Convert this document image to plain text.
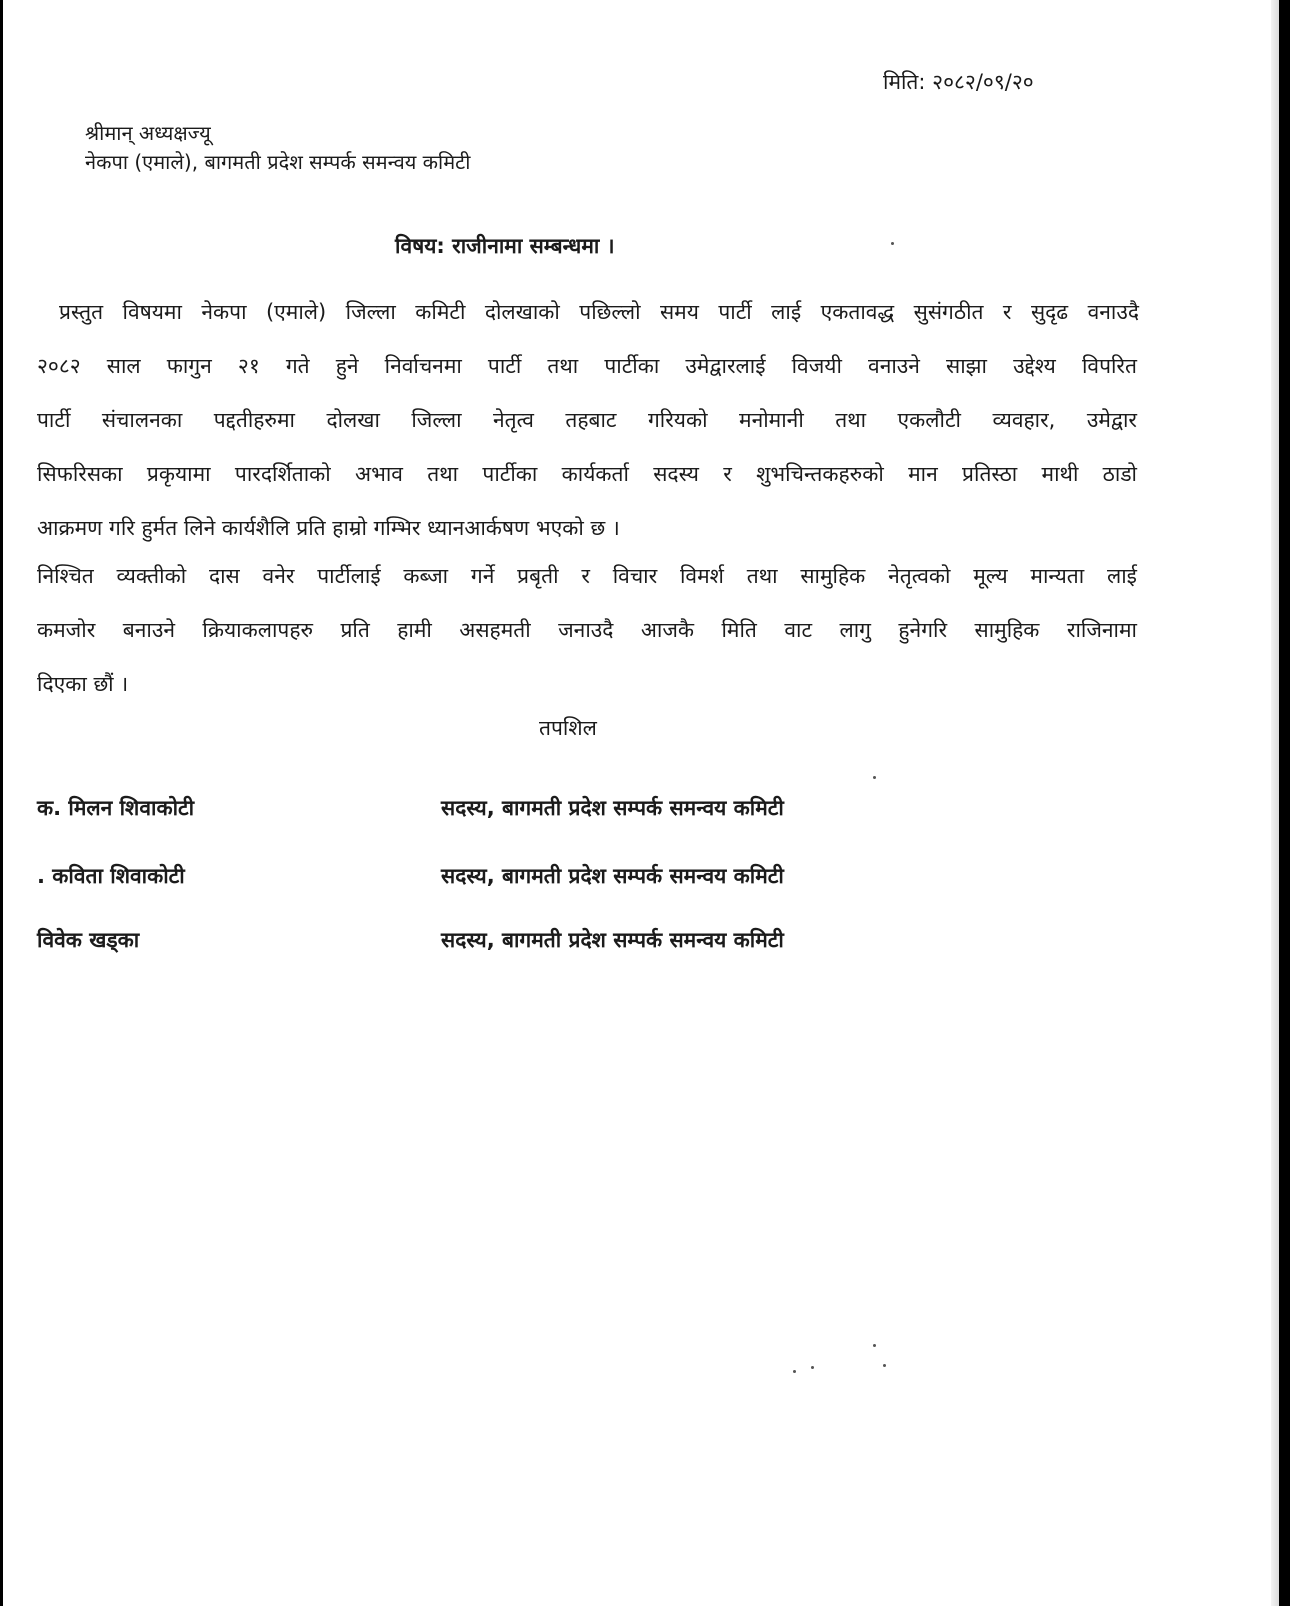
मिति: २०८२/०९/२०
श्रीमान् अध्यक्षज्यू
नेकपा (एमाले), बागमती प्रदेश सम्पर्क समन्वय कमिटी
विषय: राजीनामा सम्बन्धमा ।
प्रस्तुत विषयमा नेकपा (एमाले) जिल्ला कमिटी दोलखाको पछिल्लो समय पार्टी लाई एकतावद्ध सुसंगठीत र सुदृढ वनाउदै
२०८२ साल फागुन २१ गते हुने निर्वाचनमा पार्टी तथा पार्टीका उमेद्वारलाई विजयी वनाउने साझा उद्देश्य विपरित
पार्टी संचालनका पद्दतीहरुमा दोलखा जिल्ला नेतृत्व तहबाट गरियको मनोमानी तथा एकलौटी व्यवहार, उमेद्वार
सिफरिसका प्रकृयामा पारदर्शिताको अभाव तथा पार्टीका कार्यकर्ता सदस्य र शुभचिन्तकहरुको मान प्रतिस्ठा माथी ठाडो
आक्रमण गरि हुर्मत लिने कार्यशैलि प्रति हाम्रो गम्भिर ध्यानआर्कषण भएको छ ।
निश्चित व्यक्तीको दास वनेर पार्टीलाई कब्जा गर्ने प्रबृती र विचार विमर्श तथा सामुहिक नेतृत्वको मूल्य मान्यता लाई
कमजोर बनाउने क्रियाकलापहरु प्रति हामी असहमती जनाउदै आजकै मिति वाट लागु हुनेगरि सामुहिक राजिनामा
दिएका छौं ।
तपशिल
क. मिलन शिवाकोटी	सदस्य, बागमती प्रदेश सम्पर्क समन्वय कमिटी
. कविता शिवाकोटी	सदस्य, बागमती प्रदेश सम्पर्क समन्वय कमिटी
विवेक खड्का	सदस्य, बागमती प्रदेश सम्पर्क समन्वय कमिटी
